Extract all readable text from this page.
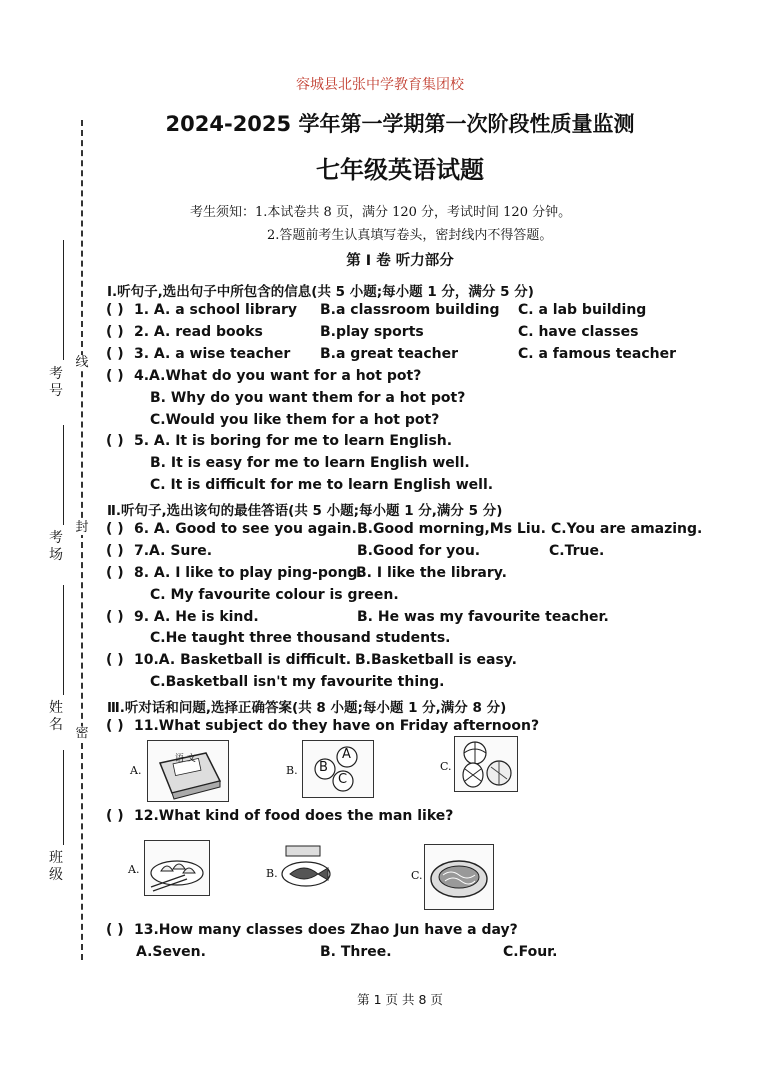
容城县北张中学教育集团校
2024-2025 学年第一学期第一次阶段性质量监测
七年级英语试题
考生须知：1.本试卷共 8 页，满分 120 分，考试时间 120 分钟。
2.答题前考生认真填写卷头，密封线内不得答题。
第 Ⅰ 卷 听力部分
线
封
密
考号
考场
姓名
班级
Ⅰ.听句子,选出句子中所包含的信息(共 5 小题;每小题 1 分，满分 5 分)
( ) 1. A. a school library B.a classroom building C. a lab building
( ) 2. A. read books	B.play sports	C. have classes
( ) 3. A. a wise teacher B.a great teacher	C. a famous teacher
( ) 4.A.What do you want for a hot pot?
B. Why do you want them for a hot pot?
C.Would you like them for a hot pot?
( ) 5. A. It is boring for me to learn English.
B. It is easy for me to learn English well.
C. It is difficult for me to learn English well.
Ⅱ.听句子,选出该句的最佳答语(共 5 小题;每小题 1 分,满分 5 分)
( ) 6. A. Good to see you again. B.Good morning,Ms Liu. C.You are amazing.
( ) 7.A. Sure.	B.Good for you.	C.True.
( ) 8. A. I like to play ping-pong.
B. I like the library.
C. My favourite colour is green.
( ) 9. A. He is kind.	B. He was my favourite teacher.
C.He taught three thousand students.
( ) 10.A. Basketball is difficult. B.Basketball is easy.
C.Basketball isn't my favourite thing.
Ⅲ.听对话和问题,选择正确答案(共 8 小题;每小题 1 分,满分 8 分)
( ) 11.What subject do they have on Friday afternoon?
A.
语 文
B. B
A
C
C.
( ) 12.What kind of food does the man like?
A.	B.	C.
( ) 13.How many classes does Zhao Jun have a day?
A.Seven.	B. Three.	C.Four.
第 1 页 共 8 页
